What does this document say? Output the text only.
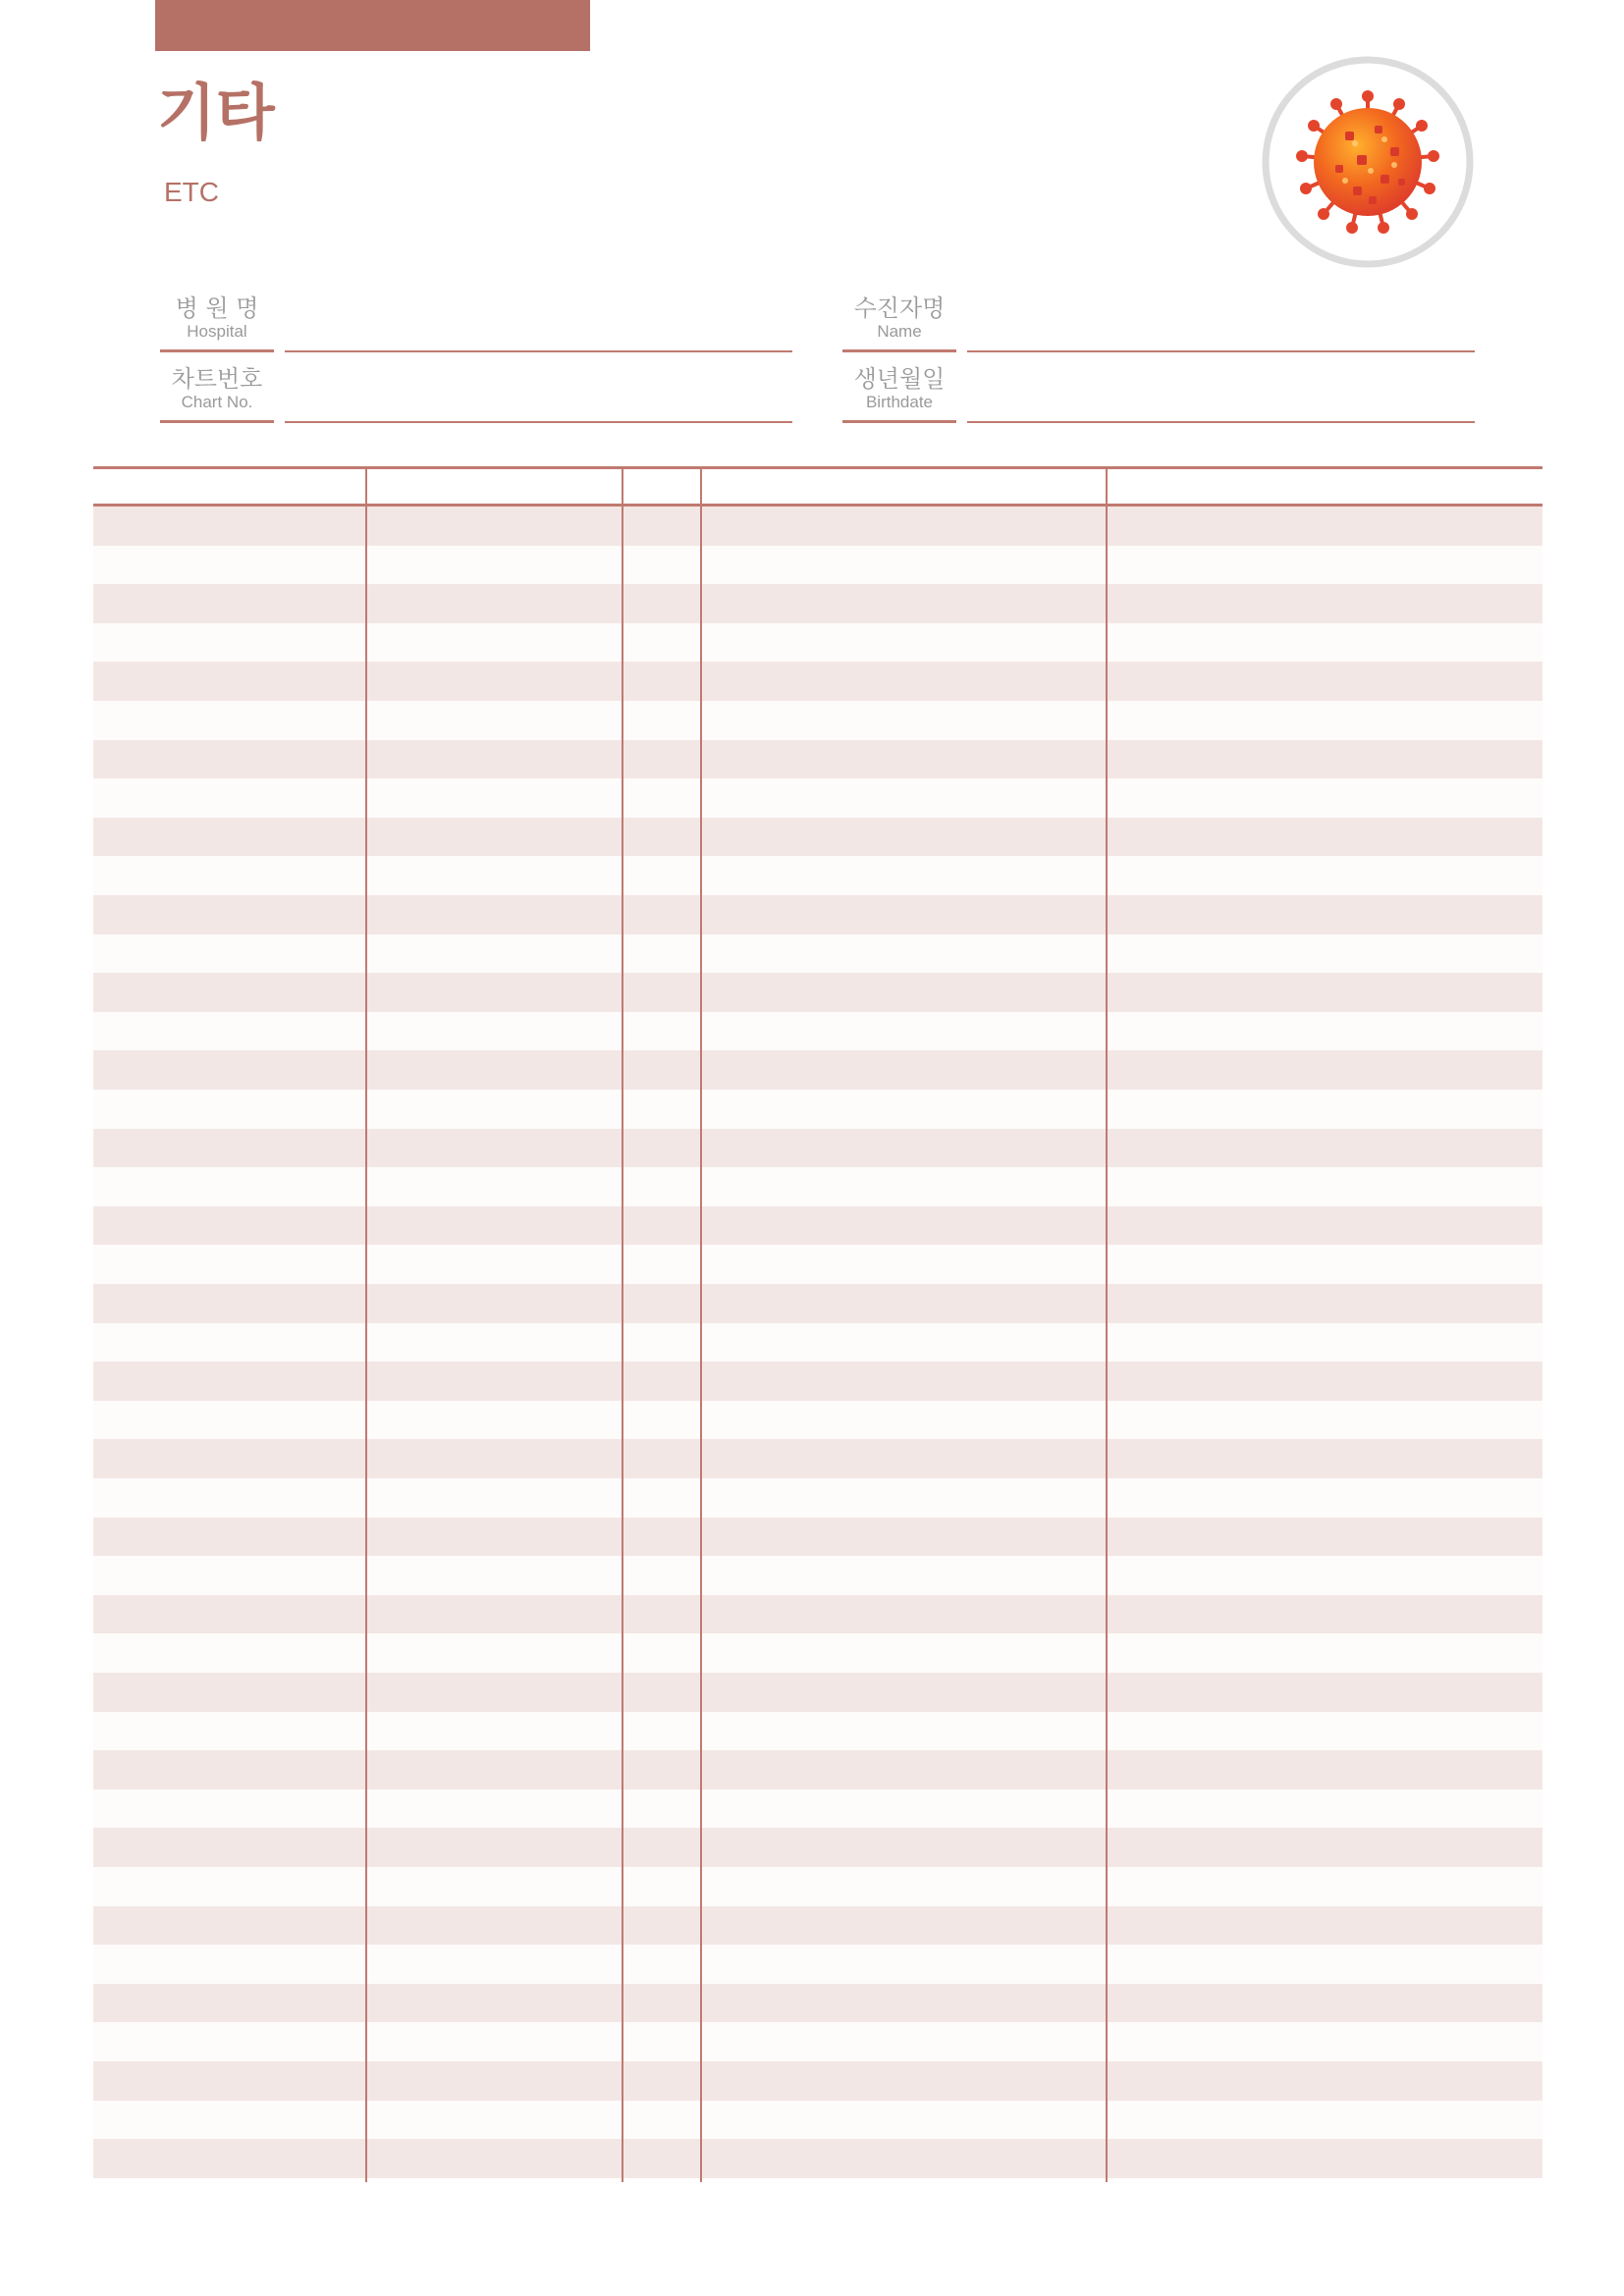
기타
ETC
병 원 명
Hospital
수진자명
Name
차트번호
Chart No.
생년월일
Birthdate
